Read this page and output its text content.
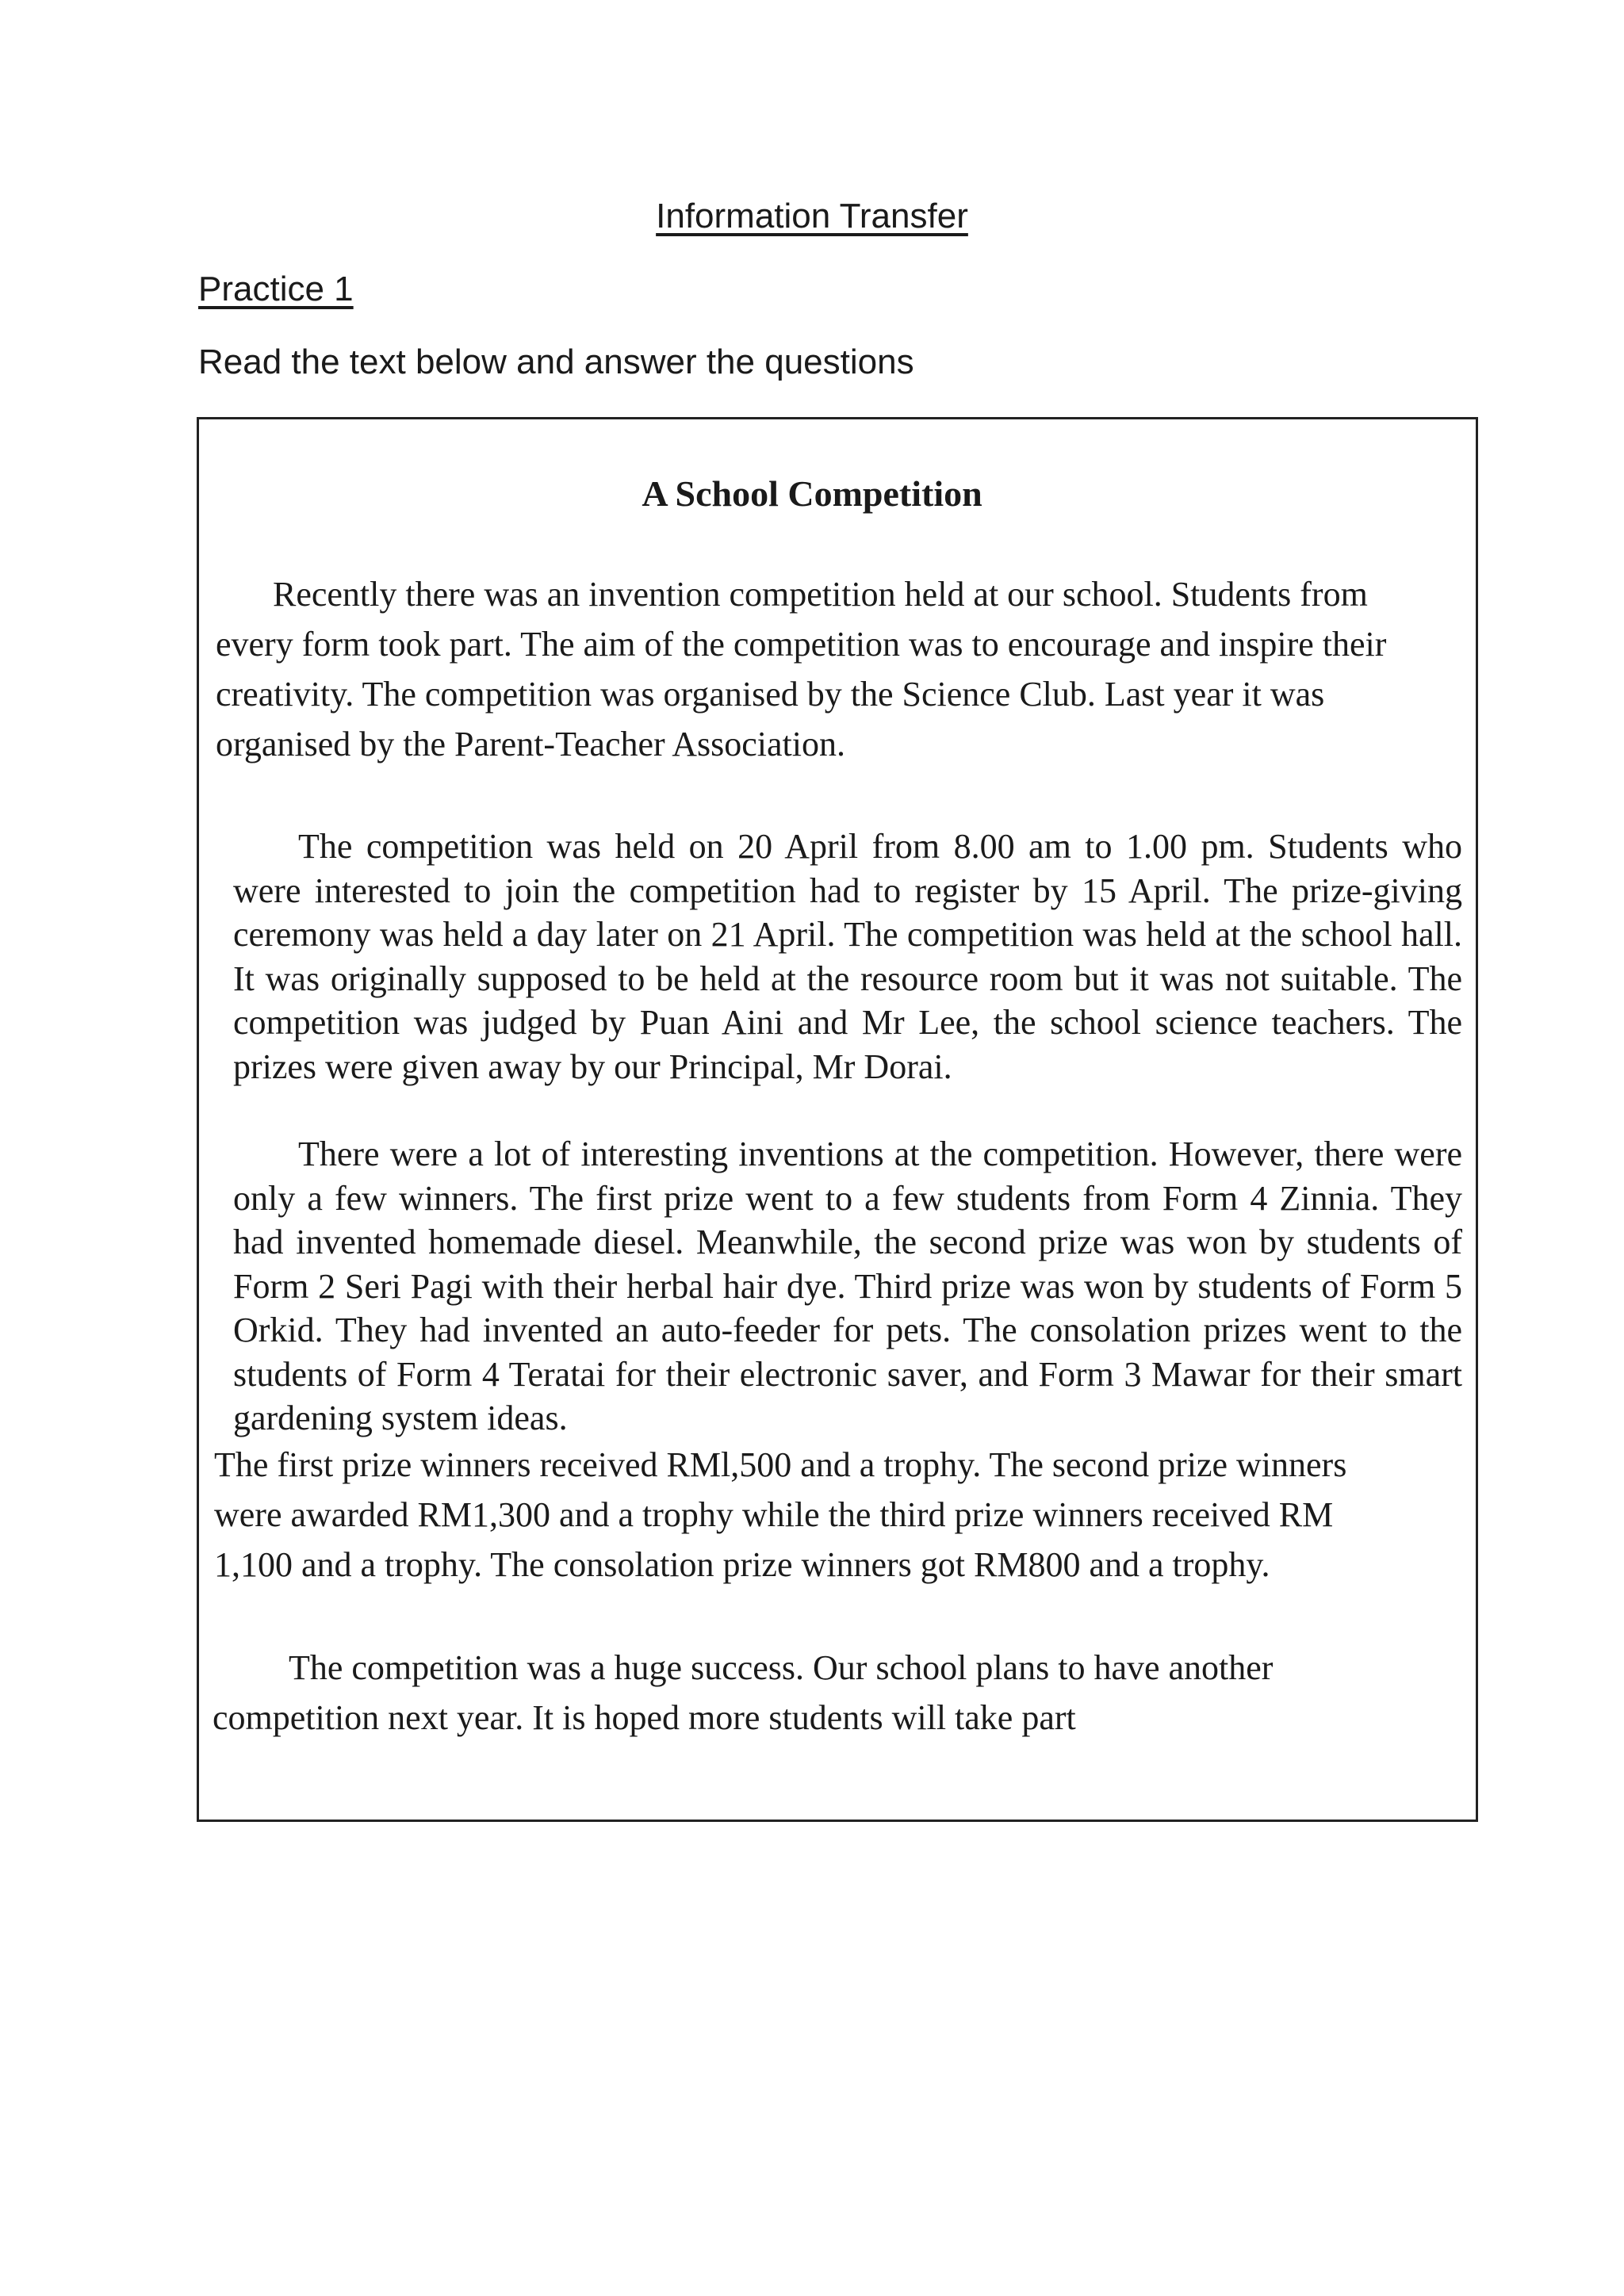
Information Transfer
Practice 1
Read the text below and answer the questions
A School Competition

Recently there was an invention competition held at our school. Students from every form took part. The aim of the competition was to encourage and inspire their creativity. The competition was organised by the Science Club. Last year it was organised by the Parent-Teacher Association.

The competition was held on 20 April from 8.00 am to 1.00 pm. Students who were interested to join the competition had to register by 15 April. The prize-giving ceremony was held a day later on 21 April. The competition was held at the school hall. It was originally supposed to be held at the resource room but it was not suitable. The competition was judged by Puan Aini and Mr Lee, the school science teachers. The prizes were given away by our Principal, Mr Dorai.

There were a lot of interesting inventions at the competition. However, there were only a few winners. The first prize went to a few students from Form 4 Zinnia. They had invented homemade diesel. Meanwhile, the second prize was won by students of Form 2 Seri Pagi with their herbal hair dye. Third prize was won by students of Form 5 Orkid. They had invented an auto-feeder for pets. The consolation prizes went to the students of Form 4 Teratai for their electronic saver, and Form 3 Mawar for their smart gardening system ideas.

The first prize winners received RMl,500 and a trophy. The second prize winners were awarded RM1,300 and a trophy while the third prize winners received RM 1,100 and a trophy. The consolation prize winners got RM800 and a trophy.

The competition was a huge success. Our school plans to have another competition next year. It is hoped more students will take part
